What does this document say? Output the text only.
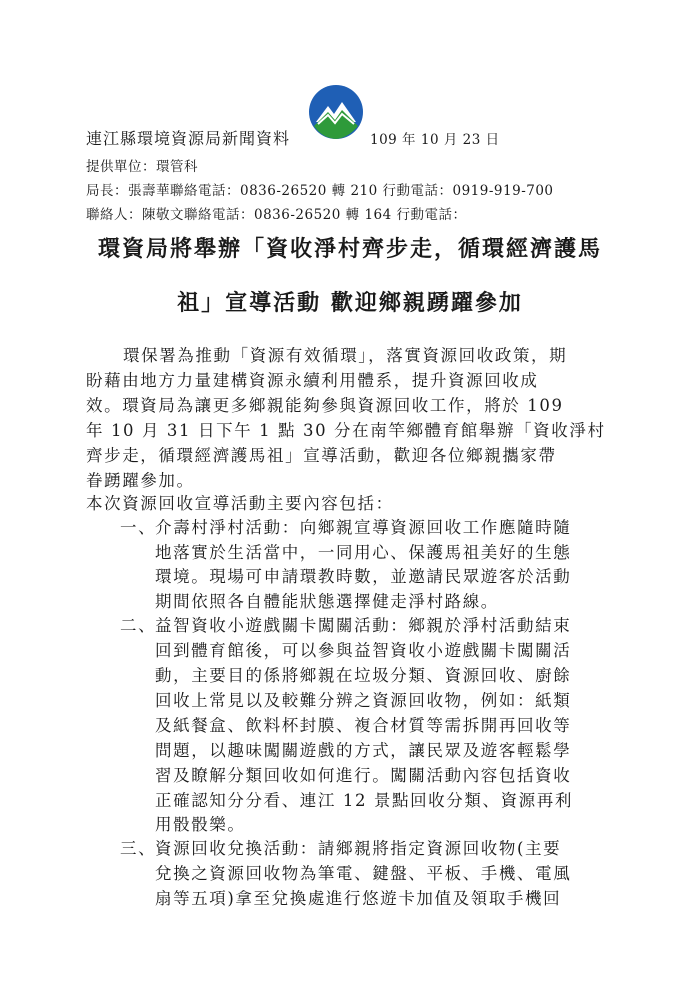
連江縣環境資源局新聞資料	109 年 10 月 23 日
提供單位：環管科
局長：張壽華聯絡電話：0836-26520 轉 210 行動電話：0919-919-700
聯絡人：陳敬文聯絡電話：0836-26520 轉 164 行動電話：
環資局將舉辦「資收淨村齊步走，循環經濟護馬
祖」宣導活動 歡迎鄉親踴躍參加
環保署為推動「資源有效循環」，落實資源回收政策，期
盼藉由地方力量建構資源永續利用體系，提升資源回收成
效。環資局為讓更多鄉親能夠參與資源回收工作，將於 109
年 10 月 31 日下午 1 點 30 分在南竿鄉體育館舉辦「資收淨村
齊步走，循環經濟護馬祖」宣導活動，歡迎各位鄉親攜家帶
眷踴躍參加。
本次資源回收宣導活動主要內容包括：
一、
介壽村淨村活動：向鄉親宣導資源回收工作應隨時隨
地落實於生活當中，一同用心、保護馬祖美好的生態
環境。現場可申請環教時數，並邀請民眾遊客於活動
期間依照各自體能狀態選擇健走淨村路線。
二、
益智資收小遊戲關卡闖關活動：鄉親於淨村活動結束
回到體育館後，可以參與益智資收小遊戲關卡闖關活
動，主要目的係將鄉親在垃圾分類、資源回收、廚餘
回收上常見以及較難分辨之資源回收物，例如：紙類
及紙餐盒、飲料杯封膜、複合材質等需拆開再回收等
問題，以趣味闖關遊戲的方式，讓民眾及遊客輕鬆學
習及瞭解分類回收如何進行。闖關活動內容包括資收
正確認知分分看、連江 12 景點回收分類、資源再利
用骰骰樂。
三、
資源回收兌換活動：請鄉親將指定資源回收物(主要
兌換之資源回收物為筆電、鍵盤、平板、手機、電風
扇等五項)拿至兌換處進行悠遊卡加值及領取手機回
